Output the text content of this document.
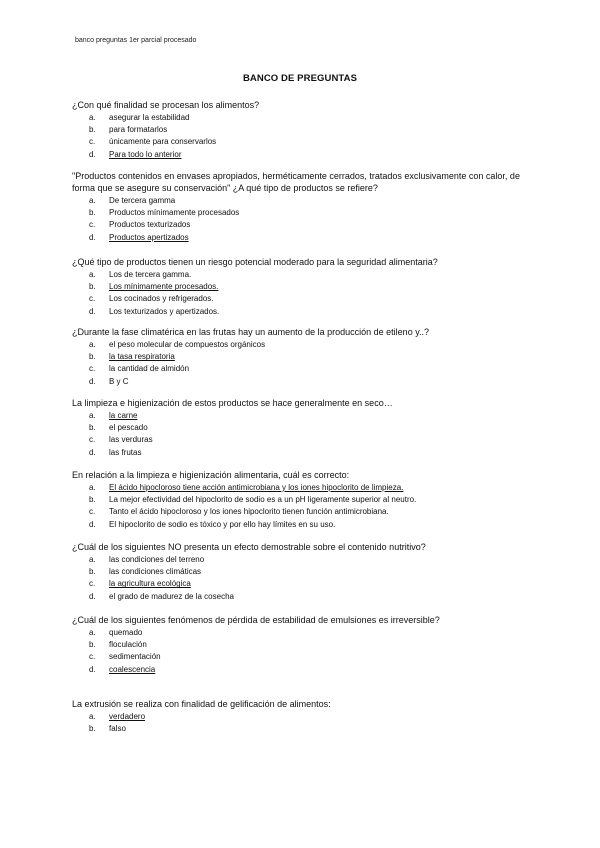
banco preguntas 1er parcial procesado
BANCO DE PREGUNTAS
¿Con qué finalidad se procesan los alimentos?
a.	asegurar la estabilidad
b.	para formatarlos
c.	únicamente para conservarlos
d.	Para todo lo anterior
"Productos contenidos en envases apropiados, herméticamente cerrados, tratados exclusivamente con calor, de forma que se asegure su conservación" ¿A qué tipo de productos se refiere?
a.	De tercera gamma
b.	Productos mínimamente procesados
c.	Productos texturizados
d.	Productos apertizados
¿Qué tipo de productos tienen un riesgo potencial moderado para la seguridad alimentaria?
a.	Los de tercera gamma.
b.	Los mínimamente procesados.
c.	Los cocinados y refrigerados.
d.	Los texturizados y apertizados.
¿Durante la fase climatérica en las frutas hay un aumento de la producción de etileno y..?
a.	el peso molecular de compuestos orgánicos
b.	la tasa respiratoria
c.	la cantidad de almidón
d.	B y C
La limpieza e higienización de estos productos se hace generalmente en seco…
a.	la carne
b.	el pescado
c.	las verduras
d.	las frutas
En relación a la limpieza e higienización alimentaria, cuál es correcto:
a.	El ácido hipocloroso tiene acción antimicrobiana y los iones hipoclorito de limpieza.
b.	La mejor efectividad del hipoclorito de sodio es a un pH ligeramente superior al neutro.
c.	Tanto el ácido hipocloroso y los iones hipoclorito tienen función antimicrobiana.
d.	El hipoclorito de sodio es tóxico y por ello hay límites en su uso.
¿Cuál de los siguientes NO presenta un efecto demostrable sobre el contenido nutritivo?
a.	las condiciones del terreno
b.	las condiciones climáticas
c.	la agricultura ecológica
d.	el grado de madurez de la cosecha
¿Cuál de los siguientes fenómenos de pérdida de estabilidad de emulsiones es irreversible?
a.	quemado
b.	floculación
c.	sedimentación
d.	coalescencia
La extrusión se realiza con finalidad de gelificación de alimentos:
a.	verdadero
b.	falso
